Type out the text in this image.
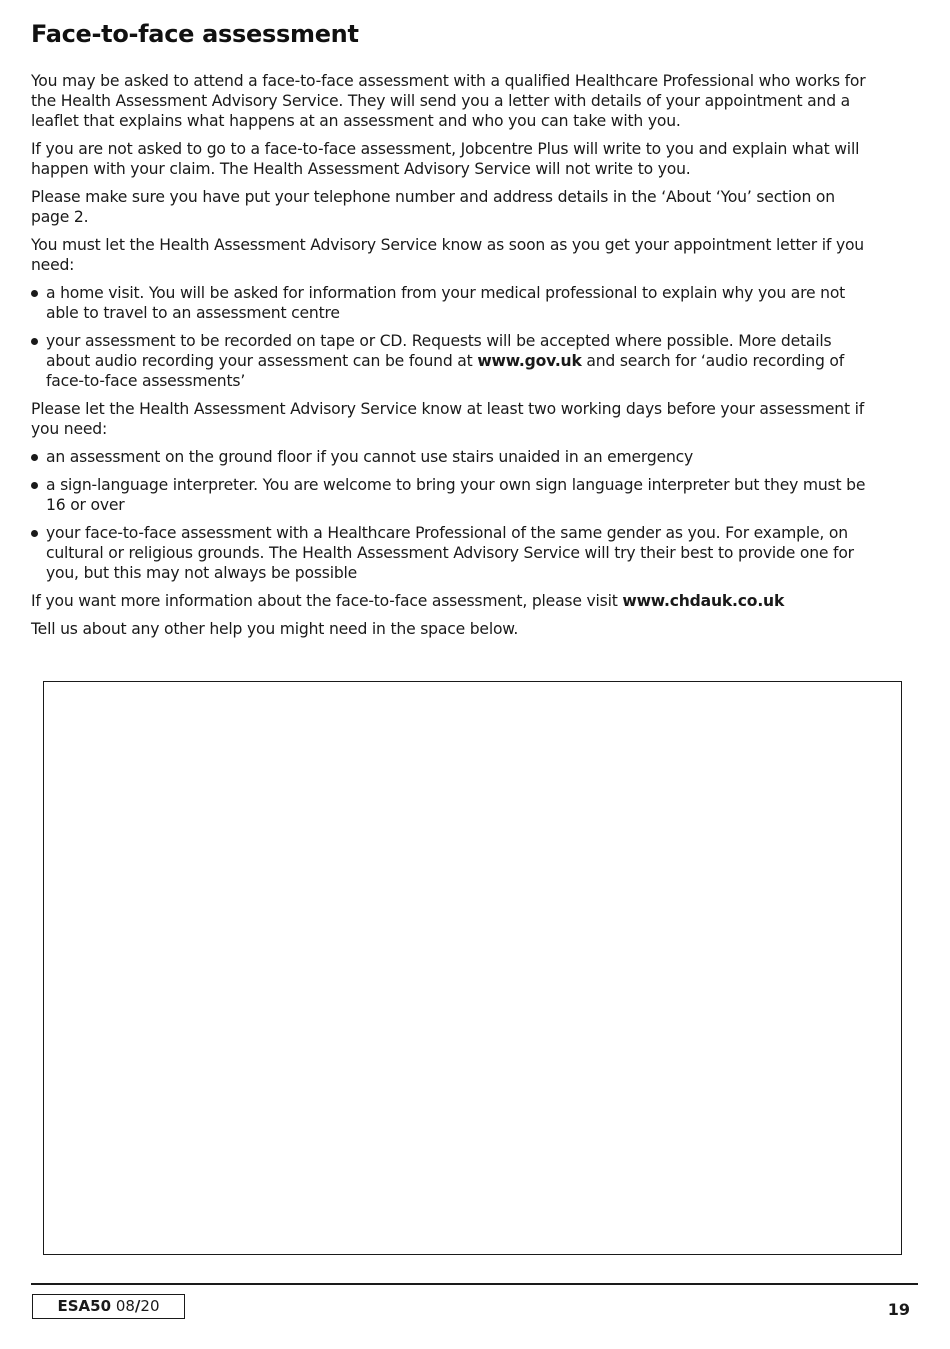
Face-to-face assessment

You may be asked to attend a face-to-face assessment with a qualified Healthcare Professional who works for the Health Assessment Advisory Service. They will send you a letter with details of your appointment and a leaflet that explains what happens at an assessment and who you can take with you.

If you are not asked to go to a face-to-face assessment, Jobcentre Plus will write to you and explain what will happen with your claim. The Health Assessment Advisory Service will not write to you.

Please make sure you have put your telephone number and address details in the ‘About ‘You’ section on page 2.

You must let the Health Assessment Advisory Service know as soon as you get your appointment letter if you need:

a home visit. You will be asked for information from your medical professional to explain why you are not able to travel to an assessment centre
your assessment to be recorded on tape or CD. Requests will be accepted where possible. More details about audio recording your assessment can be found at www.gov.uk and search for ‘audio recording of face-to-face assessments’

Please let the Health Assessment Advisory Service know at least two working days before your assessment if you need:

an assessment on the ground floor if you cannot use stairs unaided in an emergency
a sign-language interpreter. You are welcome to bring your own sign language interpreter but they must be 16 or over
your face-to-face assessment with a Healthcare Professional of the same gender as you. For example, on cultural or religious grounds. The Health Assessment Advisory Service will try their best to provide one for you, but this may not always be possible

If you want more information about the face-to-face assessment, please visit www.chdauk.co.uk

Tell us about any other help you might need in the space below.

ESA50 08/20	19
